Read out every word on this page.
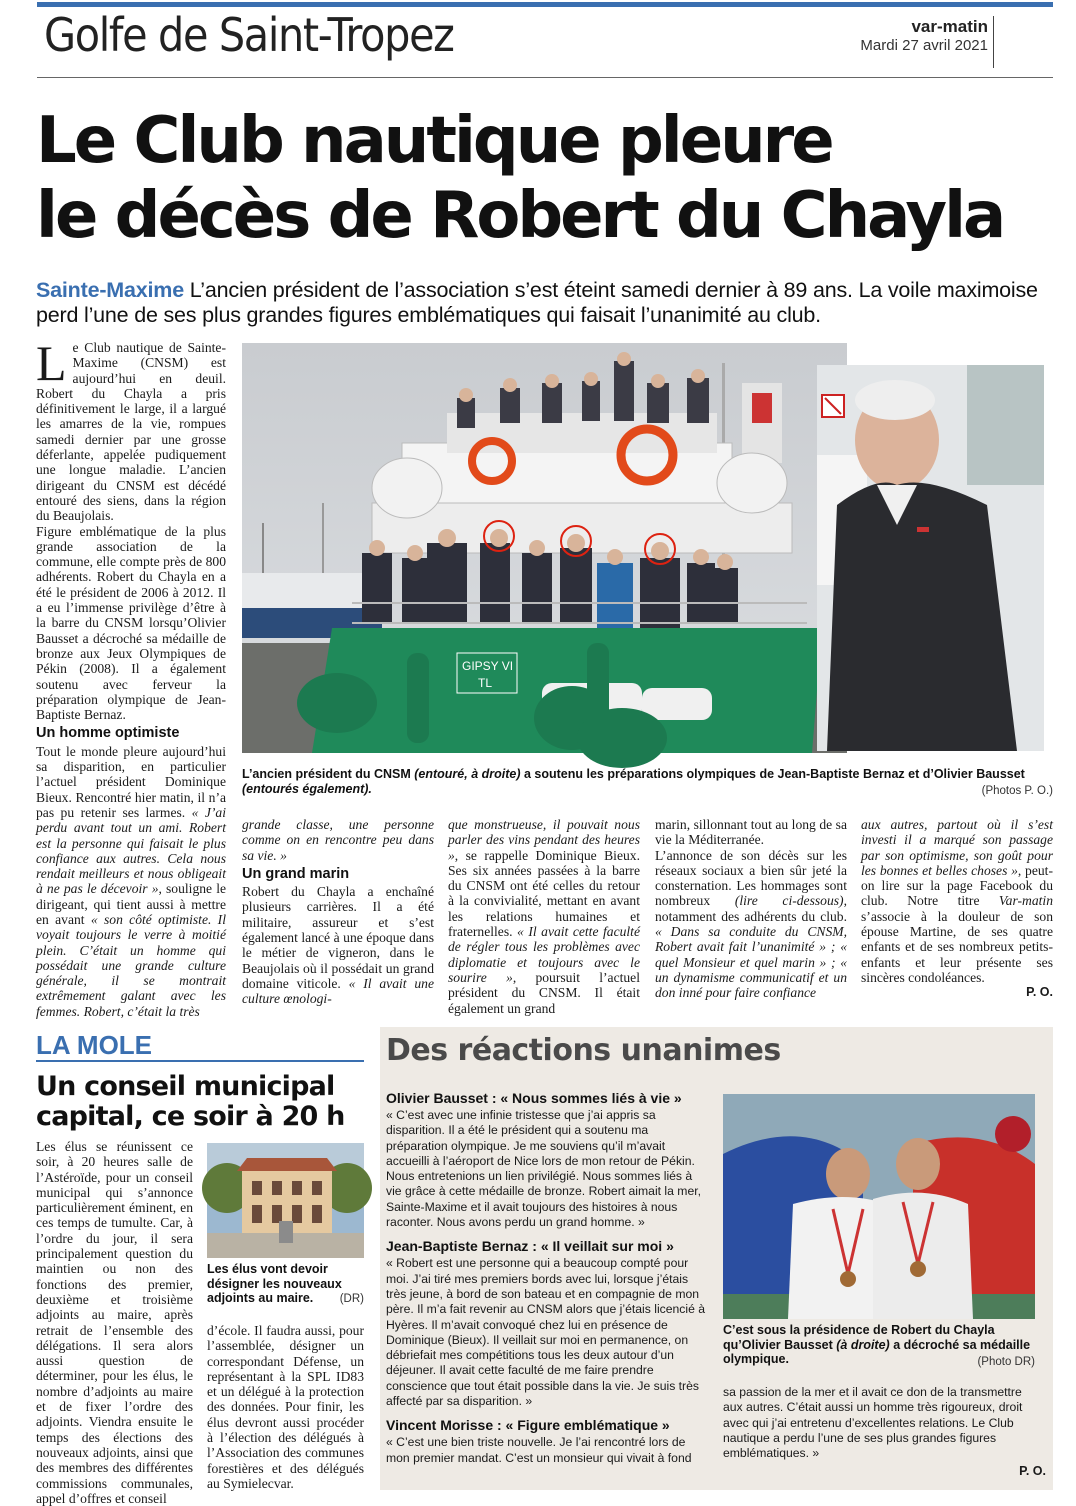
Golfe de Saint-Tropez	var-matin
Mardi 27 avril 2021
Le Club nautique pleure
le décès de Robert du Chayla
Sainte-Maxime L’ancien président de l’association s’est éteint samedi dernier à 89 ans. La voile maximoise perd l’une de ses plus grandes figures emblématiques qui faisait l’unanimité au club.

Le Club nautique de Sainte-Maxime (CNSM) est aujourd’hui en deuil. Robert du Chayla a pris définitivement le large, il a largué les amarres de la vie, rompues samedi dernier par une grosse déferlante, appelée pudiquement une longue maladie. L’ancien dirigeant du CNSM est décédé entouré des siens, dans la région du Beaujolais.

Figure emblématique de la plus grande association de la commune, elle compte près de 800 adhérents. Robert du Chayla en a été le président de 2006 à 2012. Il a eu l’immense privilège d’être à la barre du CNSM lorsqu’Olivier Bausset a décroché sa médaille de bronze aux Jeux Olympiques de Pékin (2008). Il a également soutenu avec ferveur la préparation olympique de Jean-Baptiste Bernaz.

Un homme optimiste

Tout le monde pleure aujourd’hui sa disparition, en particulier l’actuel président Dominique Bieux. Rencontré hier matin, il n’a pas pu retenir ses larmes. « J’ai perdu avant tout un ami. Robert est la personne qui faisait le plus confiance aux autres. Cela nous rendait meilleurs et nous obligeait à ne pas le décevoir », souligne le dirigeant, qui tient aussi à mettre en avant « son côté optimiste. Il voyait toujours le verre à moitié plein. C’était un homme qui possédait une grande culture générale, il se montrait extrêmement galant avec les femmes. Robert, c’était la très

GIPSY VI
TL
L’ancien président du CNSM (entouré, à droite) a soutenu les préparations olympiques de Jean-Baptiste Bernaz et d’Olivier Bausset (entourés également).	(Photos P. O.)

grande classe, une personne comme on en rencontre peu dans sa vie. »

Un grand marin

Robert du Chayla a enchaîné plusieurs carrières. Il a été militaire, assureur et s’est également lancé à une époque dans le métier de vigneron, dans le Beaujolais où il possédait un grand domaine viticole. « Il avait une culture œnologi-

que monstrueuse, il pouvait nous parler des vins pendant des heures », se rappelle Dominique Bieux. Ses six années passées à la barre du CNSM ont été celles du retour à la convivialité, mettant en avant les relations humaines et fraternelles. « Il avait cette faculté de régler tous les problèmes avec diplomatie et toujours avec le sourire », poursuit l’actuel président du CNSM. Il était également un grand

marin, sillonnant tout au long de sa vie la Méditerranée.

L’annonce de son décès sur les réseaux sociaux a bien sûr jeté la consternation. Les hommages sont nombreux (lire ci-dessous), notamment des adhérents du club. « Dans sa conduite du CNSM, Robert avait fait l’unanimité » ; « quel Monsieur et quel marin » ; « un dynamisme communicatif et un don inné pour faire confiance

aux autres, partout où il s’est investi il a marqué son passage par son optimisme, son goût pour les bonnes et belles choses », peut-on lire sur la page Facebook du club. Notre titre Var-matin s’associe à la douleur de son épouse Martine, de ses quatre enfants et de ses nombreux petits-enfants et leur présente ses sincères condoléances.

P. O.
LA MOLE
Un conseil municipal capital, ce soir à 20 h

Les élus se réunissent ce soir, à 20 heures salle de l’Astéroïde, pour un conseil municipal qui s’annonce particulièrement éminent, en ces temps de tumulte. Car, à l’ordre du jour, il sera principalement question du maintien ou non des fonctions des premier, deuxième et troisième adjoints au maire, après retrait de l’ensemble des délégations. Il sera alors aussi question de déterminer, pour les élus, le nombre d’adjoints au maire et de fixer l’ordre des adjoints. Viendra ensuite le temps des élections des nouveaux adjoints, ainsi que des membres des différentes commissions communales, appel d’offres et conseil

Les élus vont devoir désigner les nouveaux adjoints au maire.	(DR)

d’école. Il faudra aussi, pour l’assemblée, désigner un correspondant Défense, un représentant à la SPL ID83 et un délégué à la protection des données. Pour finir, les élus devront aussi procéder à l’élection des délégués à l’Association des communes forestières et des délégués au Symielecvar.

Des réactions unanimes
Olivier Bausset : « Nous sommes liés à vie »
« C’est avec une infinie tristesse que j’ai appris sa disparition. Il a été le président qui a soutenu ma préparation olympique. Je me souviens qu’il m’avait accueilli à l’aéroport de Nice lors de mon retour de Pékin. Nous entretenions un lien privilégié. Nous sommes liés à vie grâce à cette médaille de bronze. Robert aimait la mer, Sainte-Maxime et il avait toujours des histoires à nous raconter. Nous avons perdu un grand homme. »
Jean-Baptiste Bernaz : « Il veillait sur moi »
« Robert est une personne qui a beaucoup compté pour moi. J’ai tiré mes premiers bords avec lui, lorsque j’étais très jeune, à bord de son bateau et en compagnie de mon père. Il m’a fait revenir au CNSM alors que j’étais licencié à Hyères. Il m’avait convoqué chez lui en présence de Dominique (Bieux). Il veillait sur moi en permanence, on débriefait mes compétitions tous les deux autour d’un déjeuner. Il avait cette faculté de me faire prendre conscience que tout était possible dans la vie. Je suis très affecté par sa disparition. »
Vincent Morisse : « Figure emblématique »
« C’est une bien triste nouvelle. Je l’ai rencontré lors de mon premier mandat. C’est un monsieur qui vivait à fond
C’est sous la présidence de Robert du Chayla qu’Olivier Bausset (à droite) a décroché sa médaille olympique.	(Photo DR)
sa passion de la mer et il avait ce don de la transmettre aux autres. C’était aussi un homme très rigoureux, droit avec qui j’ai entretenu d’excellentes relations. Le Club nautique a perdu l’une de ses plus grandes figures emblématiques. »
P. O.
